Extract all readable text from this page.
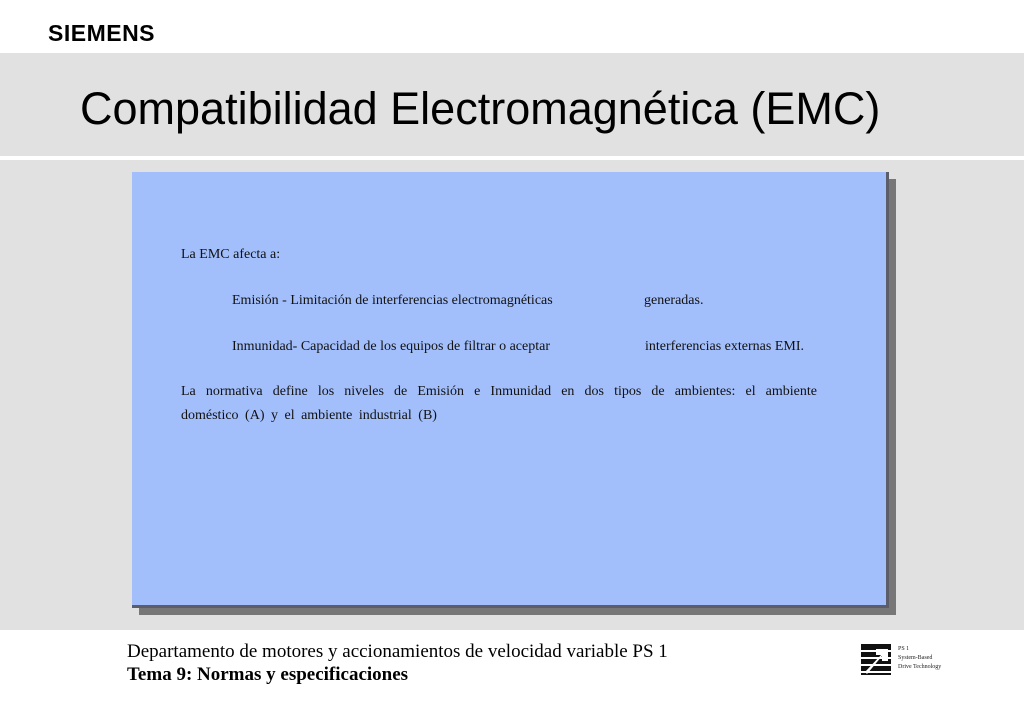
SIEMENS
Compatibilidad Electromagnética (EMC)
La EMC afecta a:
Emisión - Limitación de interferencias electromagnéticas	generadas.
Inmunidad- Capacidad de los equipos de filtrar o aceptar	interferencias externas EMI.
La normativa define los niveles de Emisión e Inmunidad en dos tipos de ambientes: el ambiente doméstico (A) y el ambiente industrial (B)
Departamento de motores y accionamientos de velocidad variable PS 1
Tema 9: Normas y especificaciones
PS 1
System-Based
Drive Technology
